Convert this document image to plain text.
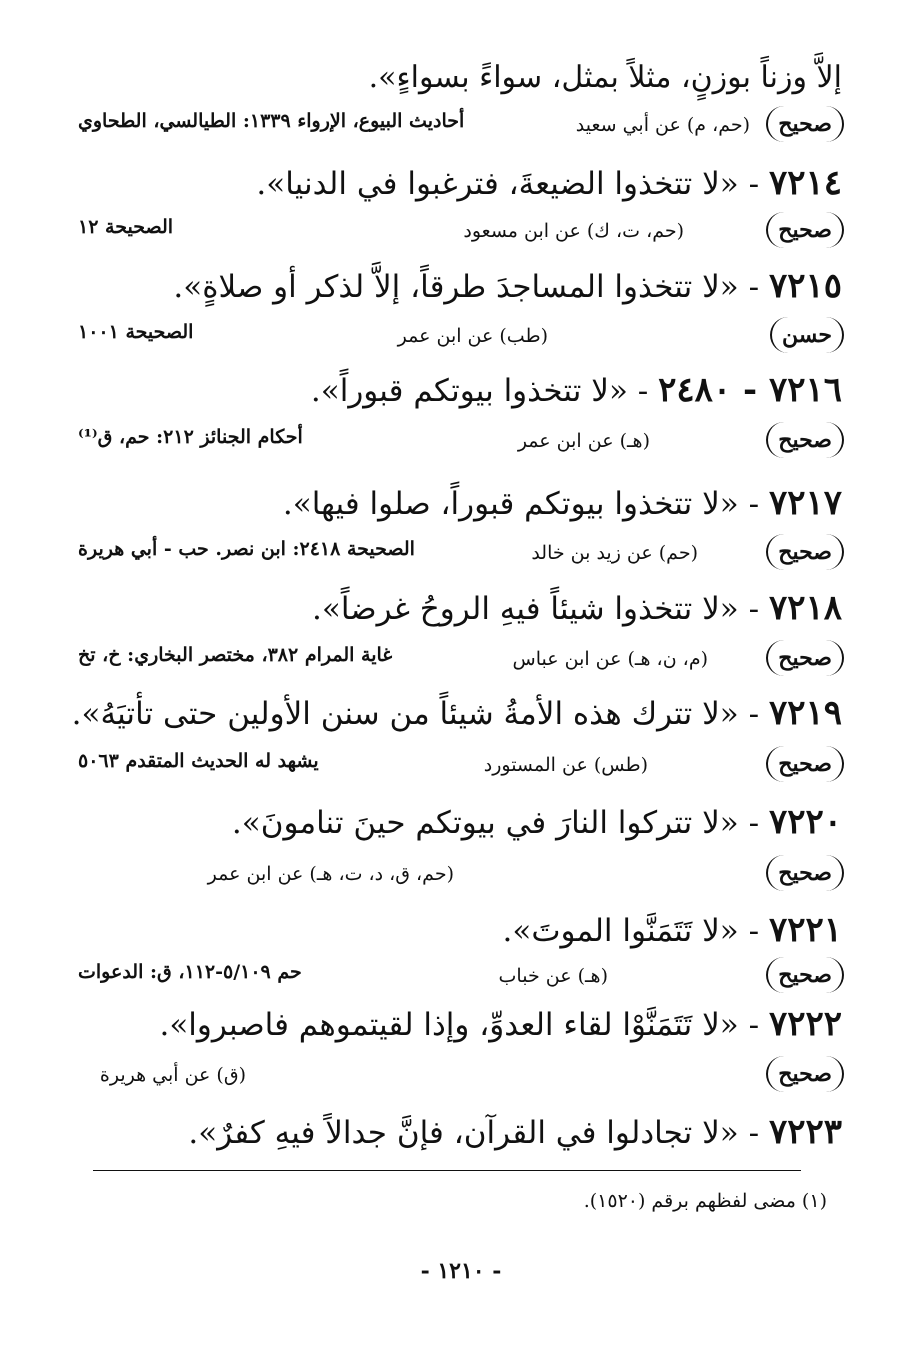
إلاَّ وزناً بوزنٍ، مثلاً بمثل، سواءً بسواءٍ».
صحيح
(حم، م) عن أبي سعيد
أحاديث البيوع، الإرواء ١٣٣٩: الطيالسي، الطحاوي
٧٢١٤ - «لا تتخذوا الضيعةَ، فترغبوا في الدنيا».
صحيح
(حم، ت، ك) عن ابن مسعود
الصحيحة ١٢
٧٢١٥ - «لا تتخذوا المساجدَ طرقاً، إلاَّ لذكر أو صلاةٍ».
حسن
(طب) عن ابن عمر
الصحيحة ١٠٠١
٧٢١٦ - ٢٤٨٠ - «لا تتخذوا بيوتكم قبوراً».
صحيح
(هـ) عن ابن عمر
أحكام الجنائز ٢١٢: حم، ق⁽¹⁾
٧٢١٧ - «لا تتخذوا بيوتكم قبوراً، صلوا فيها».
صحيح
(حم) عن زيد بن خالد
الصحيحة ٢٤١٨: ابن نصر. حب - أبي هريرة
٧٢١٨ - «لا تتخذوا شيئاً فيهِ الروحُ غرضاً».
صحيح
(م، ن، هـ) عن ابن عباس
غاية المرام ٣٨٢، مختصر البخاري: خ، تخ
٧٢١٩ - «لا تترك هذه الأمةُ شيئاً من سنن الأولين حتى تأتيَهُ».
صحيح
(طس) عن المستورد
يشهد له الحديث المتقدم ٥٠٦٣
٧٢٢٠ - «لا تتركوا النارَ في بيوتكم حينَ تنامونَ».
صحيح
(حم، ق، د، ت، هـ) عن ابن عمر
٧٢٢١ - «لا تَتَمَنَّوا الموتَ».
صحيح
(هـ) عن خباب
حم ٥/١٠٩-١١٢، ق: الدعوات
٧٢٢٢ - «لا تَتَمَنَّوْا لقاء العدوِّ، وإذا لقيتموهم فاصبروا».
صحيح
(ق) عن أبي هريرة
٧٢٢٣ - «لا تجادلوا في القرآن، فإنَّ جدالاً فيهِ كفرٌ».
(١) مضى لفظهم برقم (١٥٢٠).
- ١٢١٠ -
